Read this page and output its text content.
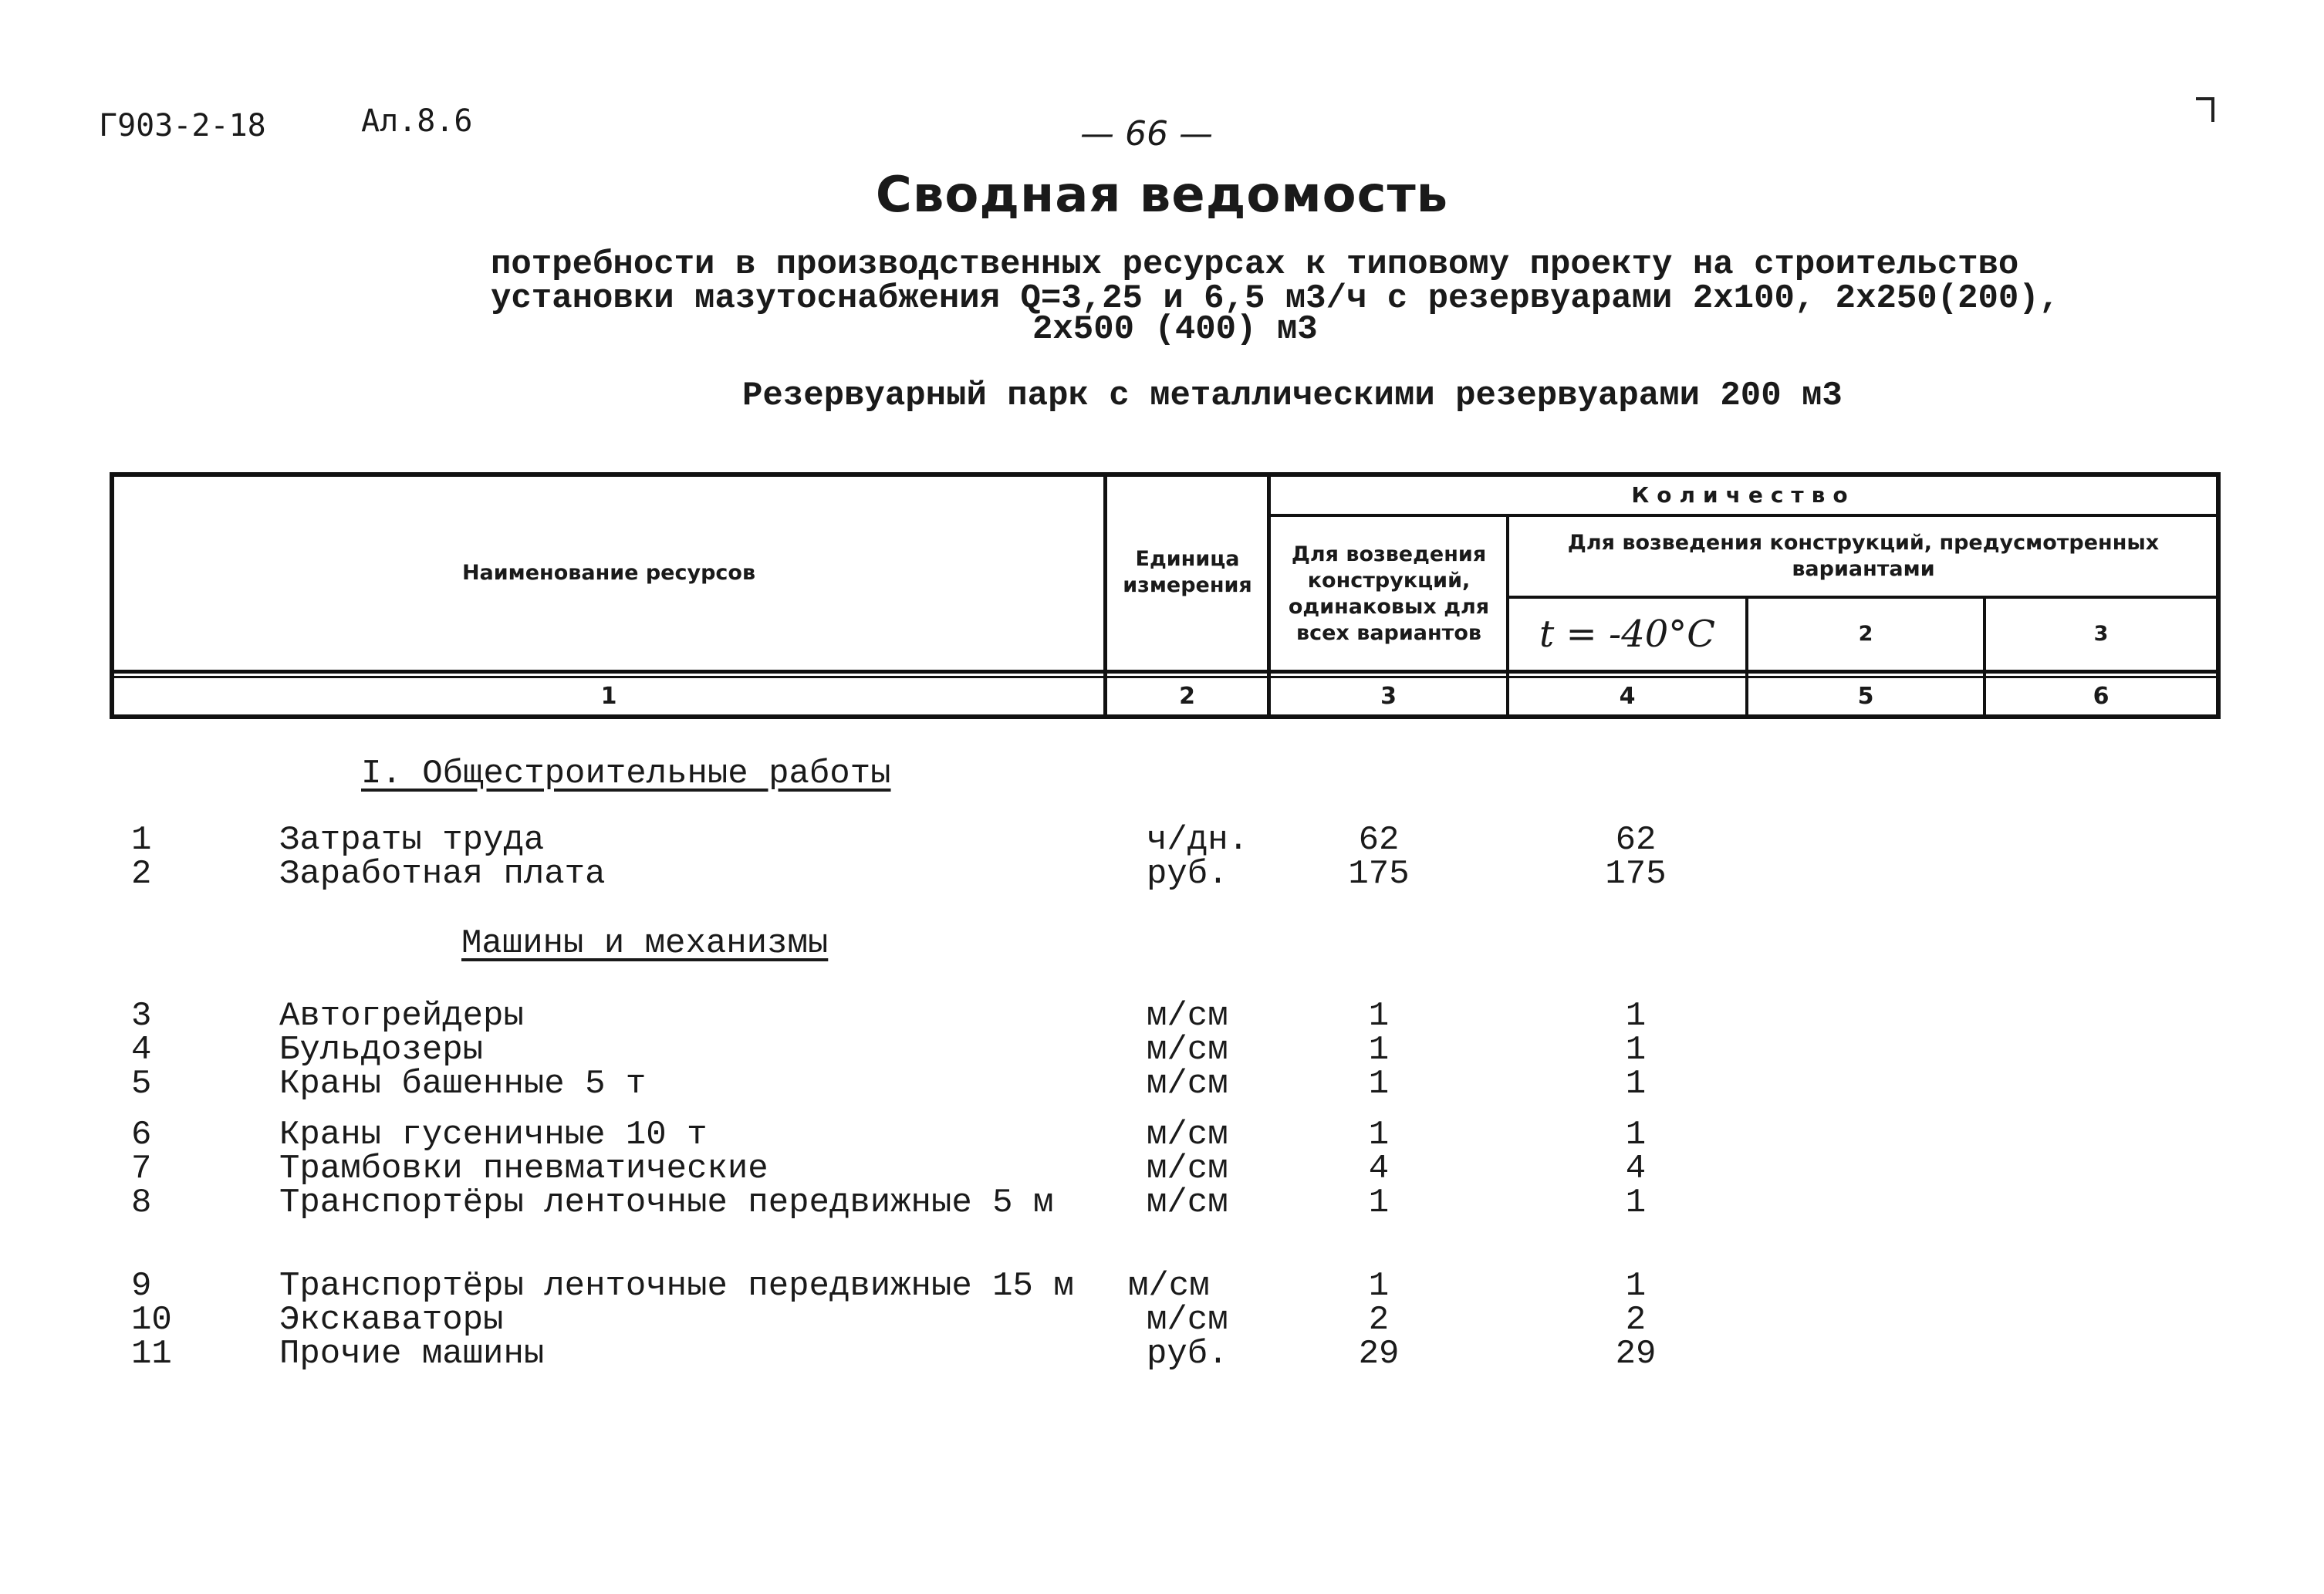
Г903-2-18	Ал.8.6	— 66 —
Сводная ведомость
потребности в производственных ресурсах к типовому проекту на строительство
установки мазутоснабжения Q=3,25 и 6,5 м3/ч с резервуарами 2х100, 2х250(200),
2х500 (400) м3
Резервуарный парк с металлическими резервуарами 200 м3
Наименование ресурсов
Единица измерения
Количество
Для возведения конструкций, одинаковых для всех вариантов
Для возведения конструкций, предусмотренных вариантами
t = -40°C	2	3
1	2	3	4	5	6
I. Общестроительные работы
Машины и механизмы
1	Затраты труда	ч/дн.	62	62
2	Заработная плата	руб.	175	175
3	Автогрейдеры	м/см	1	1
4	Бульдозеры	м/см	1	1
5	Краны башенные 5 т	м/см	1	1
6	Краны гусеничные 10 т	м/см	1	1
7	Трамбовки пневматические	м/см	4	4
8	Транспортёры ленточные передвижные 5 м	м/см	1	1
9	Транспортёры ленточные передвижные 15 м м/см	1	1
10	Экскаваторы	м/см	2	2
11	Прочие машины	руб.	29	29
